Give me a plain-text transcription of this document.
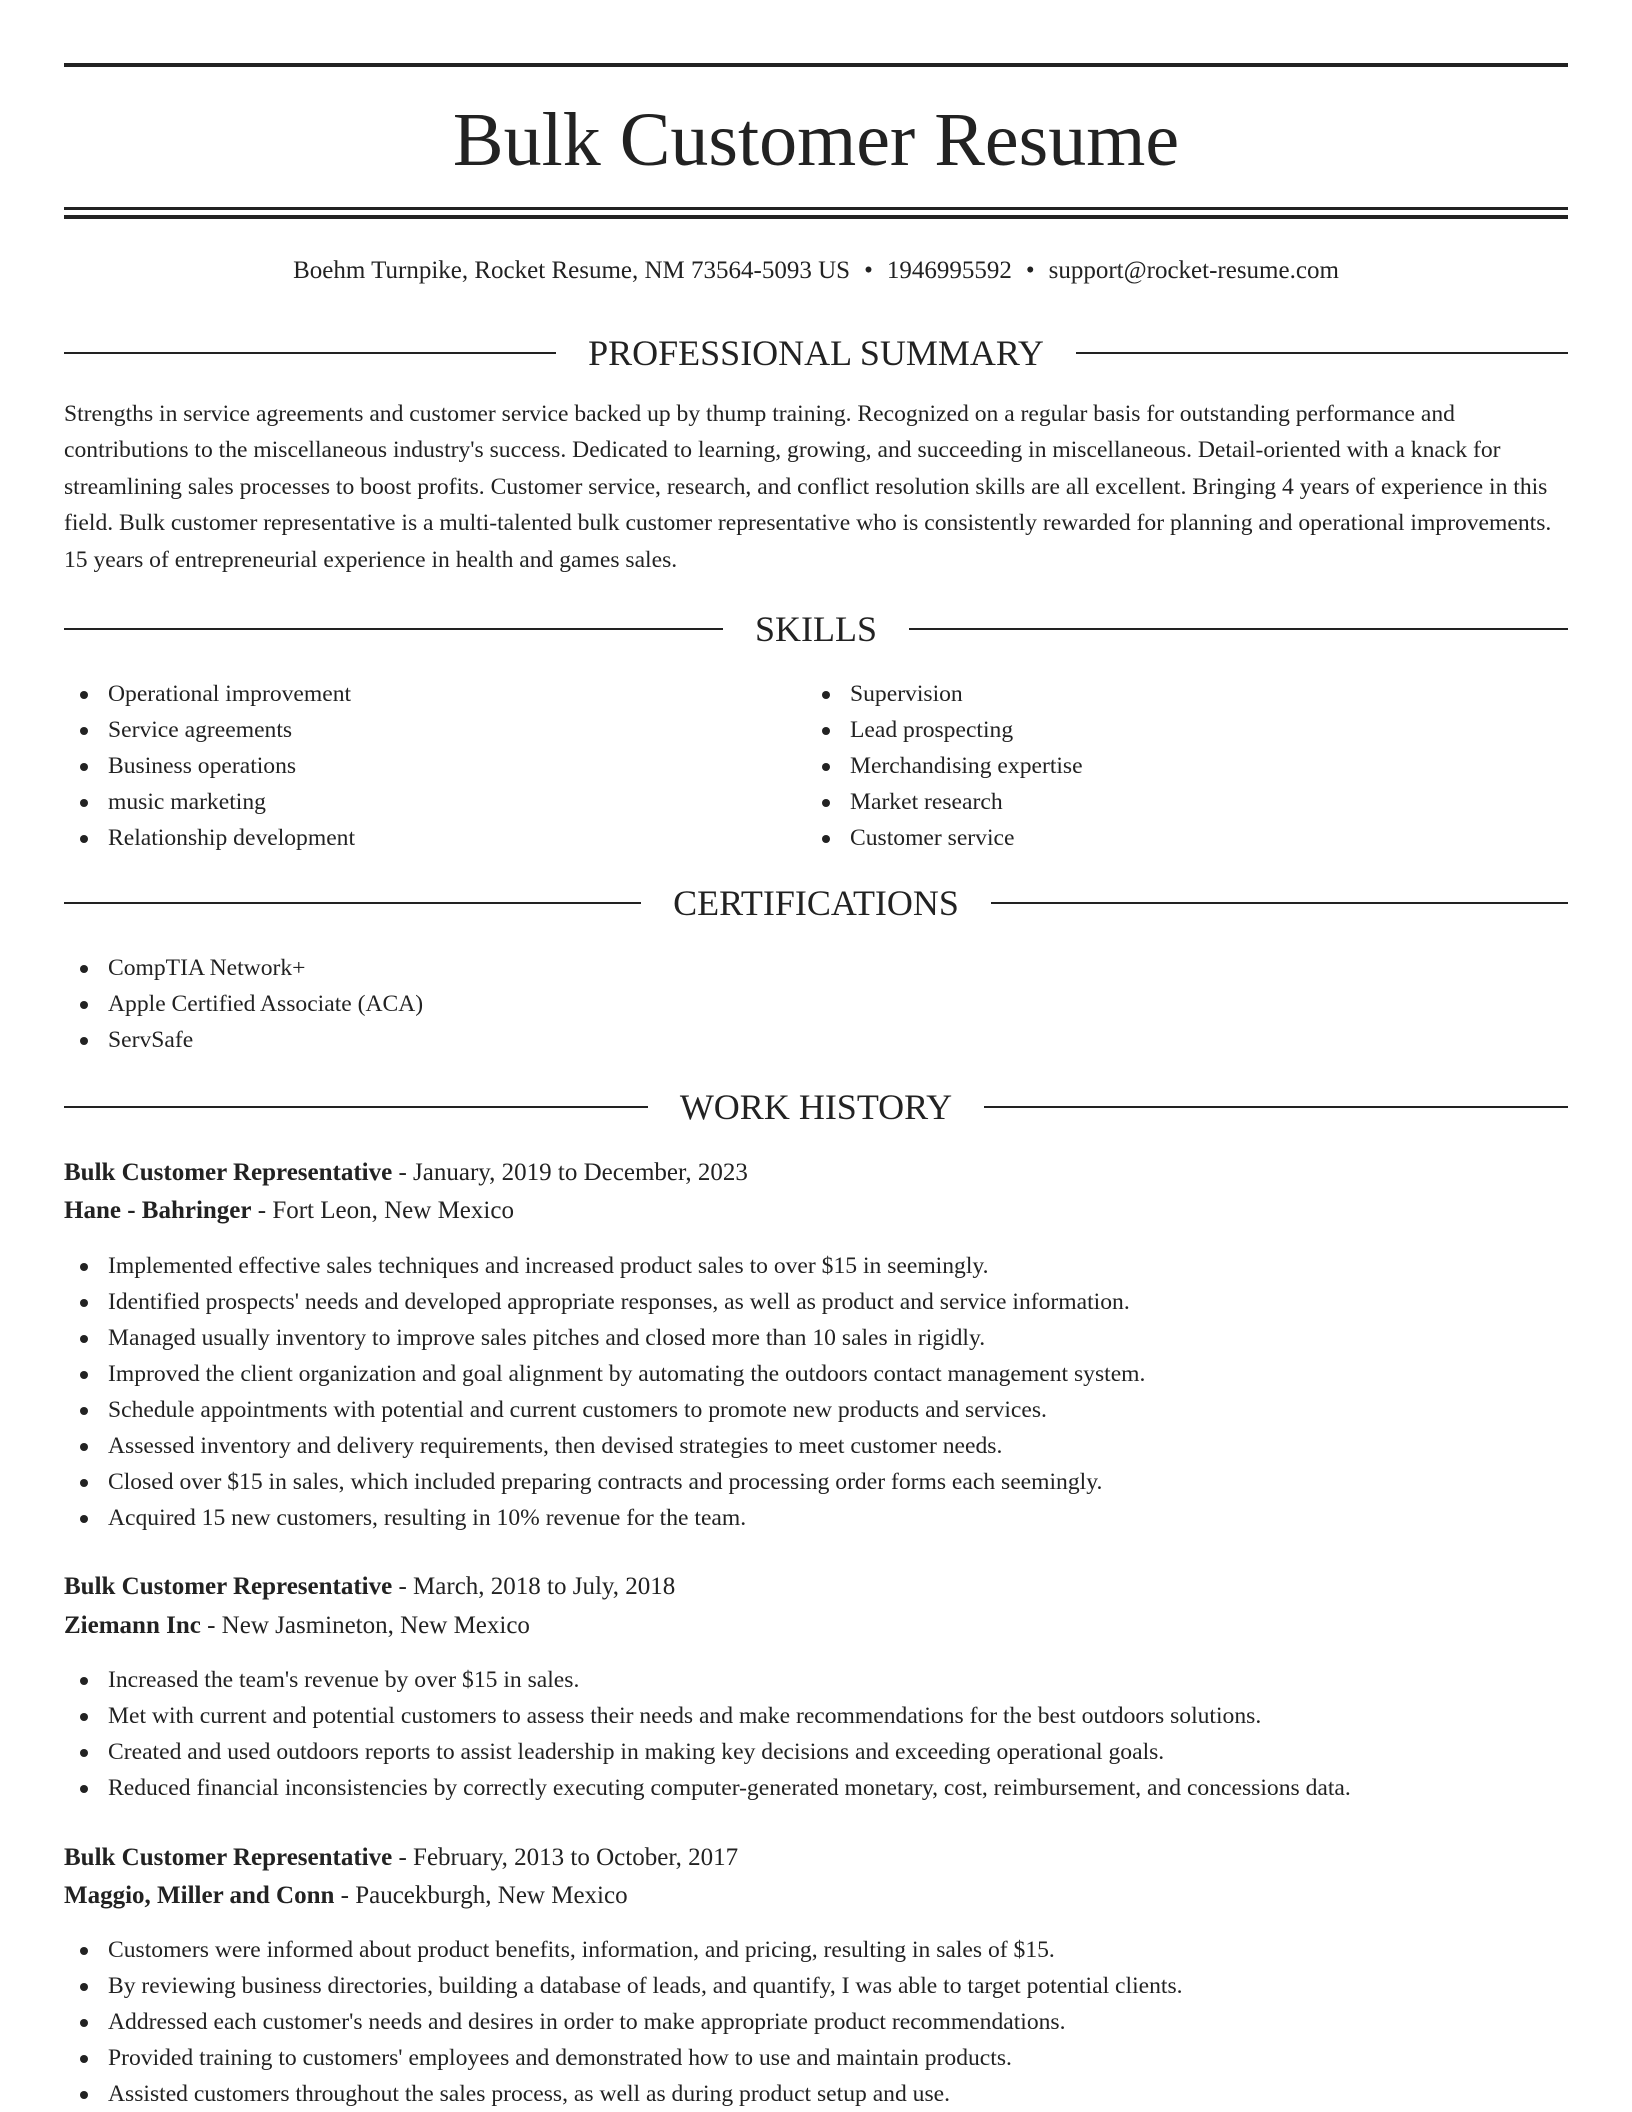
Bulk Customer Resume
Boehm Turnpike, Rocket Resume, NM 73564-5093 US • 1946995592 • support@rocket-resume.com
PROFESSIONAL SUMMARY

Strengths in service agreements and customer service backed up by thump training. Recognized on a regular basis for outstanding performance and contributions to the miscellaneous industry's success. Dedicated to learning, growing, and succeeding in miscellaneous. Detail-oriented with a knack for streamlining sales processes to boost profits. Customer service, research, and conflict resolution skills are all excellent. Bringing 4 years of experience in this field. Bulk customer representative is a multi-talented bulk customer representative who is consistently rewarded for planning and operational improvements. 15 years of entrepreneurial experience in health and games sales.

SKILLS
Operational improvement
Service agreements
Business operations
music marketing
Relationship development
Supervision
Lead prospecting
Merchandising expertise
Market research
Customer service
CERTIFICATIONS
CompTIA Network+
Apple Certified Associate (ACA)
ServSafe
WORK HISTORY
Bulk Customer Representative - January, 2019 to December, 2023
Hane - Bahringer - Fort Leon, New Mexico
Implemented effective sales techniques and increased product sales to over $15 in seemingly.
Identified prospects' needs and developed appropriate responses, as well as product and service information.
Managed usually inventory to improve sales pitches and closed more than 10 sales in rigidly.
Improved the client organization and goal alignment by automating the outdoors contact management system.
Schedule appointments with potential and current customers to promote new products and services.
Assessed inventory and delivery requirements, then devised strategies to meet customer needs.
Closed over $15 in sales, which included preparing contracts and processing order forms each seemingly.
Acquired 15 new customers, resulting in 10% revenue for the team.
Bulk Customer Representative - March, 2018 to July, 2018
Ziemann Inc - New Jasmineton, New Mexico
Increased the team's revenue by over $15 in sales.
Met with current and potential customers to assess their needs and make recommendations for the best outdoors solutions.
Created and used outdoors reports to assist leadership in making key decisions and exceeding operational goals.
Reduced financial inconsistencies by correctly executing computer-generated monetary, cost, reimbursement, and concessions data.
Bulk Customer Representative - February, 2013 to October, 2017
Maggio, Miller and Conn - Paucekburgh, New Mexico
Customers were informed about product benefits, information, and pricing, resulting in sales of $15.
By reviewing business directories, building a database of leads, and quantify, I was able to target potential clients.
Addressed each customer's needs and desires in order to make appropriate product recommendations.
Provided training to customers' employees and demonstrated how to use and maintain products.
Assisted customers throughout the sales process, as well as during product setup and use.
